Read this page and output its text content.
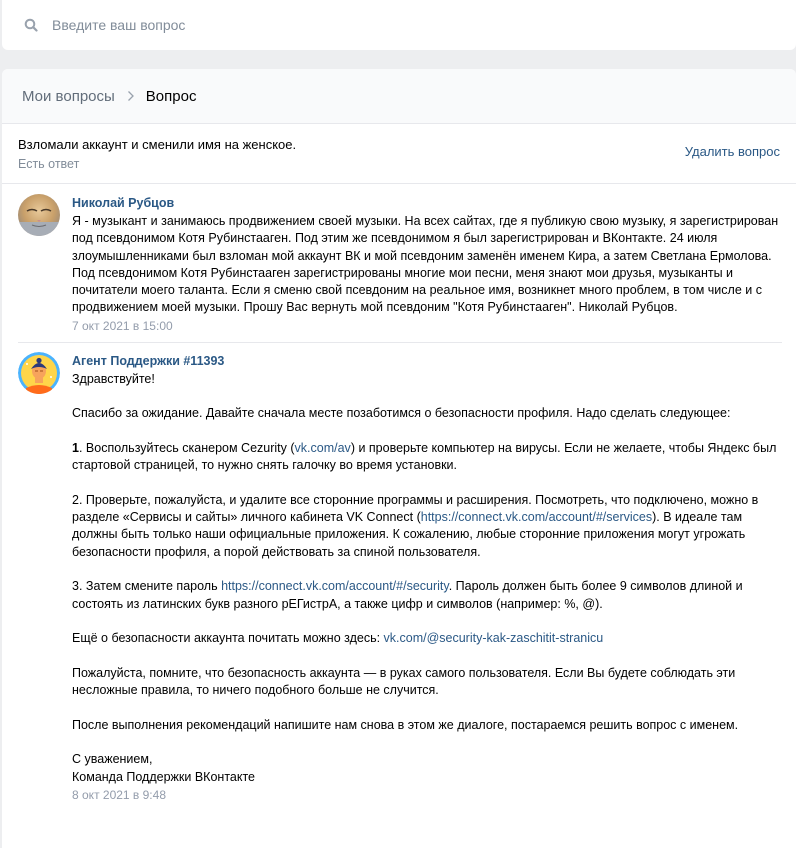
Введите ваш вопрос
Мои вопросы Вопрос
Взломали аккаунт и сменили имя на женское.
Есть ответ
Удалить вопрос
Николай Рубцов
Я - музыкант и занимаюсь продвижением своей музыки. На всех сайтах, где я публикую свою музыку, я зарегистрирован под псевдонимом Котя Рубинстааген. Под этим же псевдонимом я был зарегистрирован и ВКонтакте. 24 июля злоумышленниками был взломан мой аккаунт ВК и мой псевдоним заменён именем Кира, а затем Светлана Ермолова. Под псевдонимом Котя Рубинстааген зарегистрированы многие мои песни, меня знают мои друзья, музыканты и почитатели моего таланта. Если я сменю свой псевдоним на реальное имя, возникнет много проблем, в том числе и с продвижением моей музыки. Прошу Вас вернуть мой псевдоним "Котя Рубинстааген". Николай Рубцов.
7 окт 2021 в 15:00
Агент Поддержки #11393

Здравствуйте!

Спасибо за ожидание. Давайте сначала месте позаботимся о безопасности профиля. Надо сделать следующее:

1. Воспользуйтесь сканером Cezurity (vk.com/av) и проверьте компьютер на вирусы. Если не желаете, чтобы Яндекс был стартовой страницей, то нужно снять галочку во время установки.

2. Проверьте, пожалуйста, и удалите все сторонние программы и расширения. Посмотреть, что подключено, можно в разделе «Сервисы и сайты» личного кабинета VK Connect (https://connect.vk.com/account/#/services). В идеале там должны быть только наши официальные приложения. К сожалению, любые сторонние приложения могут угрожать безопасности профиля, а порой действовать за спиной пользователя.

3. Затем смените пароль https://connect.vk.com/account/#/security. Пароль должен быть более 9 символов длиной и состоять из латинских букв разного рЕГистрА, а также цифр и символов (например: %, @).

Ещё о безопасности аккаунта почитать можно здесь: vk.com/@security-kak-zaschitit-stranicu

Пожалуйста, помните, что безопасность аккаунта — в руках самого пользователя. Если Вы будете соблюдать эти несложные правила, то ничего подобного больше не случится.

После выполнения рекомендаций напишите нам снова в этом же диалоге, постараемся решить вопрос с именем.

С уважением,

Команда Поддержки ВКонтакте

8 окт 2021 в 9:48
